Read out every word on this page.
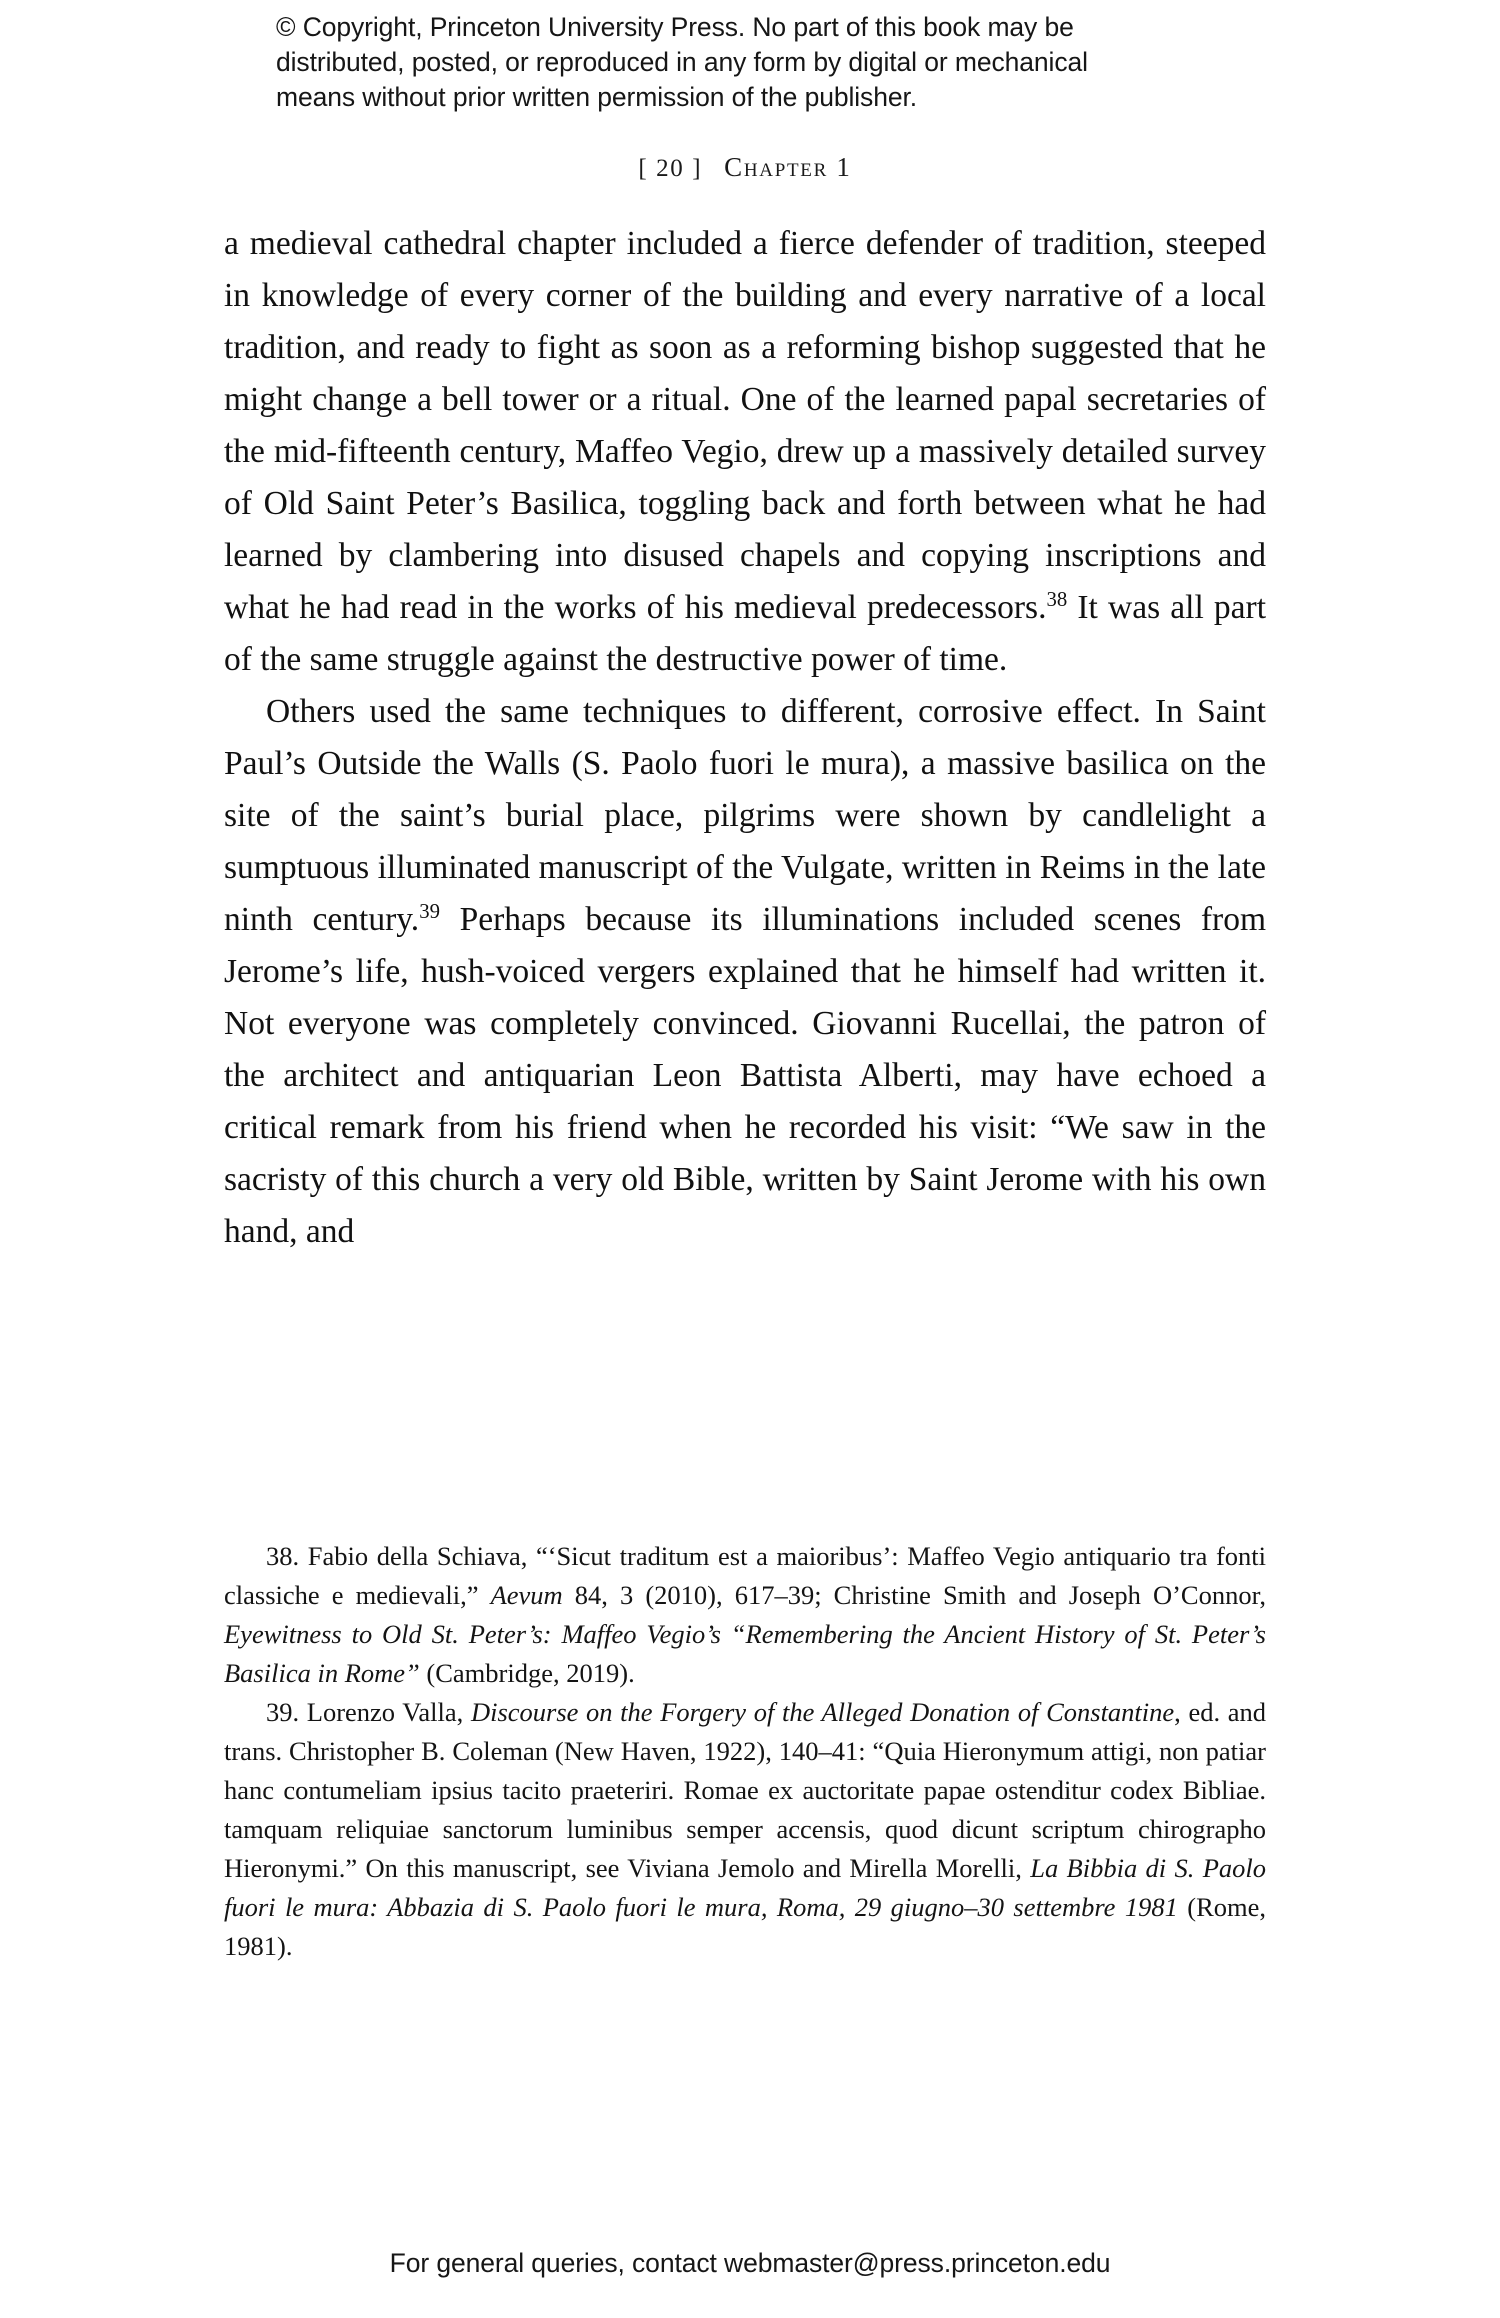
© Copyright, Princeton University Press. No part of this book may be
distributed, posted, or reproduced in any form by digital or mechanical
means without prior written permission of the publisher.
[ 20 ] Chapter 1

a medieval cathedral chapter included a fierce defender of tradition, steeped in knowledge of every corner of the building and every narrative of a local tradition, and ready to fight as soon as a reforming bishop suggested that he might change a bell tower or a ritual. One of the learned papal secretaries of the mid-fifteenth century, Maffeo Vegio, drew up a massively detailed survey of Old Saint Peter’s Basilica, toggling back and forth between what he had learned by clambering into disused chapels and copying inscriptions and what he had read in the works of his medieval predecessors.$^{38}$ It was all part of the same struggle against the destructive power of time.

Others used the same techniques to different, corrosive effect. In Saint Paul’s Outside the Walls (S. Paolo fuori le mura), a massive basilica on the site of the saint’s burial place, pilgrims were shown by candlelight a sumptuous illuminated manuscript of the Vulgate, written in Reims in the late ninth century.$^{39}$ Perhaps because its illuminations included scenes from Jerome’s life, hush-voiced vergers explained that he himself had written it. Not everyone was completely convinced. Giovanni Rucellai, the patron of the architect and antiquarian Leon Battista Alberti, may have echoed a critical remark from his friend when he recorded his visit: “We saw in the sacristy of this church a very old Bible, written by Saint Jerome with his own hand, and

38. Fabio della Schiava, “‘Sicut traditum est a maioribus’: Maffeo Vegio antiquario tra fonti classiche e medievali,” Aevum 84, 3 (2010), 617–39; Christine Smith and Joseph O’Connor, Eyewitness to Old St. Peter’s: Maffeo Vegio’s “Remembering the Ancient History of St. Peter’s Basilica in Rome” (Cambridge, 2019).

39. Lorenzo Valla, Discourse on the Forgery of the Alleged Donation of Constantine, ed. and trans. Christopher B. Coleman (New Haven, 1922), 140–41: “Quia Hieronymum attigi, non patiar hanc contumeliam ipsius tacito praeteriri. Romae ex auctoritate papae ostenditur codex Bibliae. tamquam reliquiae sanctorum luminibus semper accensis, quod dicunt scriptum chirographo Hieronymi.” On this manuscript, see Viviana Jemolo and Mirella Morelli, La Bibbia di S. Paolo fuori le mura: Abbazia di S. Paolo fuori le mura, Roma, 29 giugno–30 settembre 1981 (Rome, 1981).

For general queries, contact webmaster@press.princeton.edu
